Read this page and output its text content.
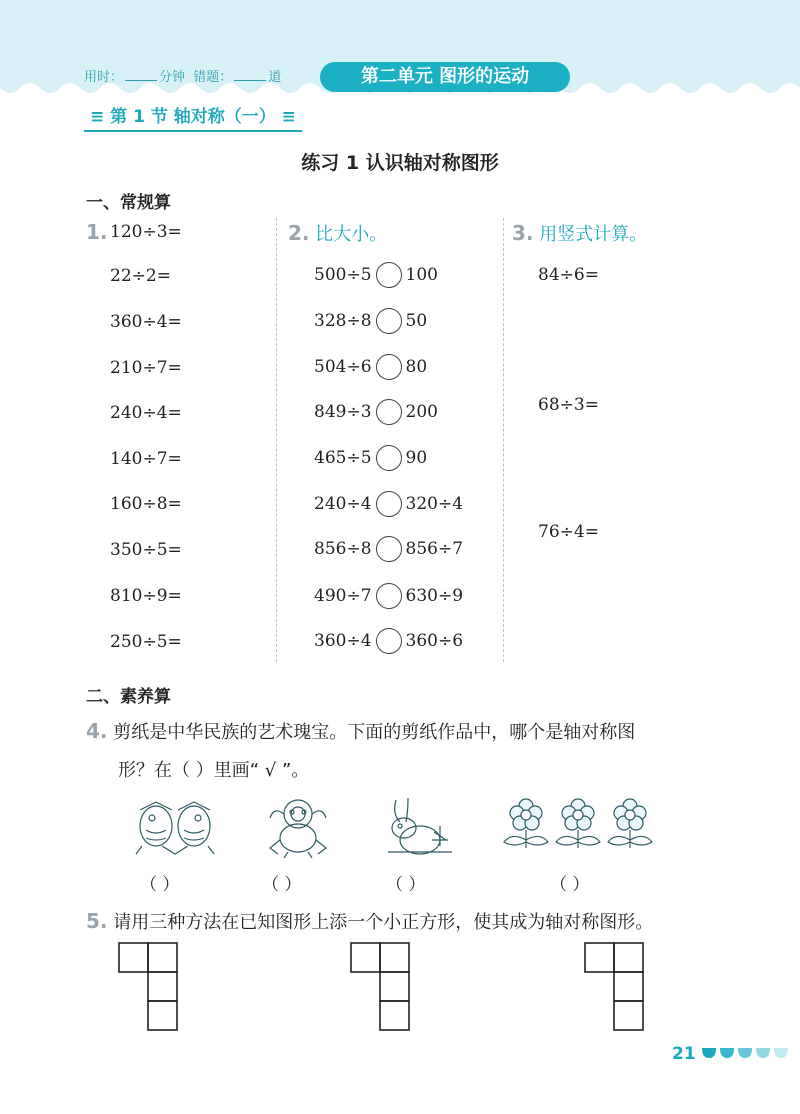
用时：	分钟 错题：	道	第二单元 图形的运动
≡ 第 1 节 轴对称（一） ≡
练习 1 认识轴对称图形
一、常规算
1. 120÷3=
22÷2=
360÷4=
210÷7=
240÷4=
140÷7=
160÷8=
350÷5=
810÷9=
250÷5=
2. 比大小。
500÷5 100
328÷8 50
504÷6 80
849÷3 200
465÷5 90
240÷4 320÷4
856÷8 856÷7
490÷7 630÷9
360÷4 360÷6
3. 用竖式计算。
84÷6=
68÷3=
76÷4=
二、素养算
4. 剪纸是中华民族的艺术瑰宝。下面的剪纸作品中，哪个是轴对称图
形？在（ ）里画“ √ ”。
（ ）	（ ）	（ ）	（ ）
5. 请用三种方法在已知图形上添一个小正方形，使其成为轴对称图形。
21
